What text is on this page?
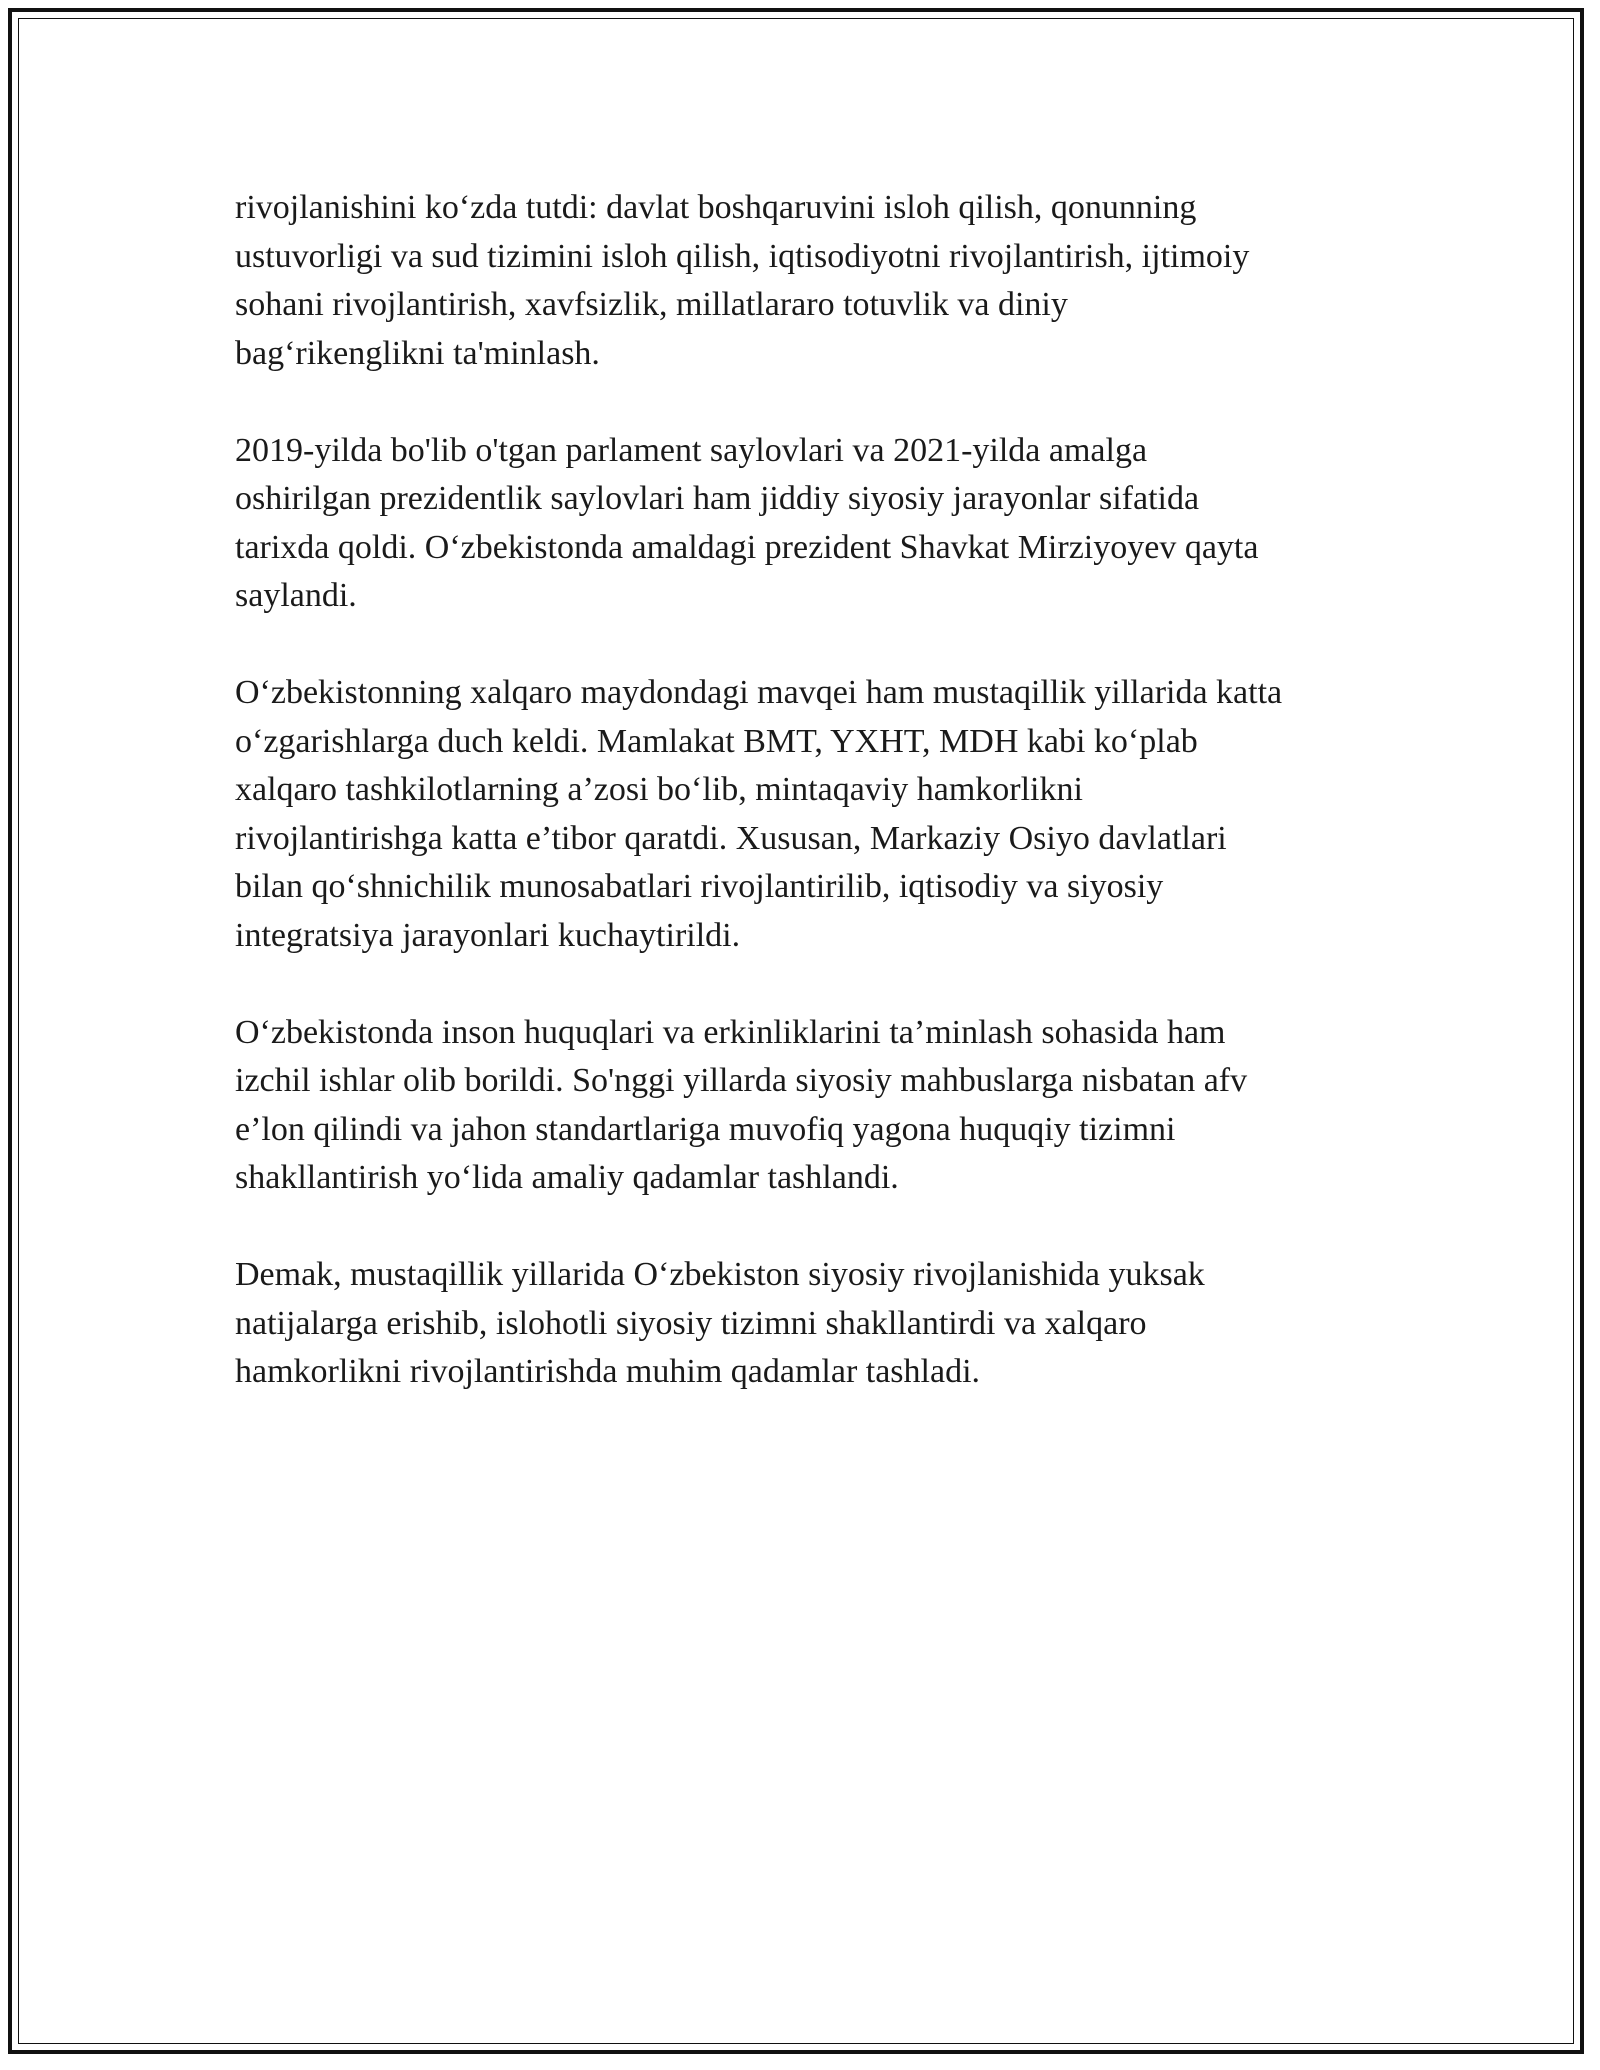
rivojlanishini ko‘zda tutdi: davlat boshqaruvini isloh qilish, qonunning
ustuvorligi va sud tizimini isloh qilish, iqtisodiyotni rivojlantirish, ijtimoiy
sohani rivojlantirish, xavfsizlik, millatlararo totuvlik va diniy
bag‘rikenglikni ta'minlash.

2019-yilda bo'lib o'tgan parlament saylovlari va 2021-yilda amalga
oshirilgan prezidentlik saylovlari ham jiddiy siyosiy jarayonlar sifatida
tarixda qoldi. O‘zbekistonda amaldagi prezident Shavkat Mirziyoyev qayta
saylandi.

O‘zbekistonning xalqaro maydondagi mavqei ham mustaqillik yillarida katta
o‘zgarishlarga duch keldi. Mamlakat BMT, YXHT, MDH kabi ko‘plab
xalqaro tashkilotlarning a’zosi bo‘lib, mintaqaviy hamkorlikni
rivojlantirishga katta e’tibor qaratdi. Xususan, Markaziy Osiyo davlatlari
bilan qo‘shnichilik munosabatlari rivojlantirilib, iqtisodiy va siyosiy
integratsiya jarayonlari kuchaytirildi.

O‘zbekistonda inson huquqlari va erkinliklarini ta’minlash sohasida ham
izchil ishlar olib borildi. So'nggi yillarda siyosiy mahbuslarga nisbatan afv
e’lon qilindi va jahon standartlariga muvofiq yagona huquqiy tizimni
shakllantirish yo‘lida amaliy qadamlar tashlandi.

Demak, mustaqillik yillarida O‘zbekiston siyosiy rivojlanishida yuksak
natijalarga erishib, islohotli siyosiy tizimni shakllantirdi va xalqaro
hamkorlikni rivojlantirishda muhim qadamlar tashladi.
